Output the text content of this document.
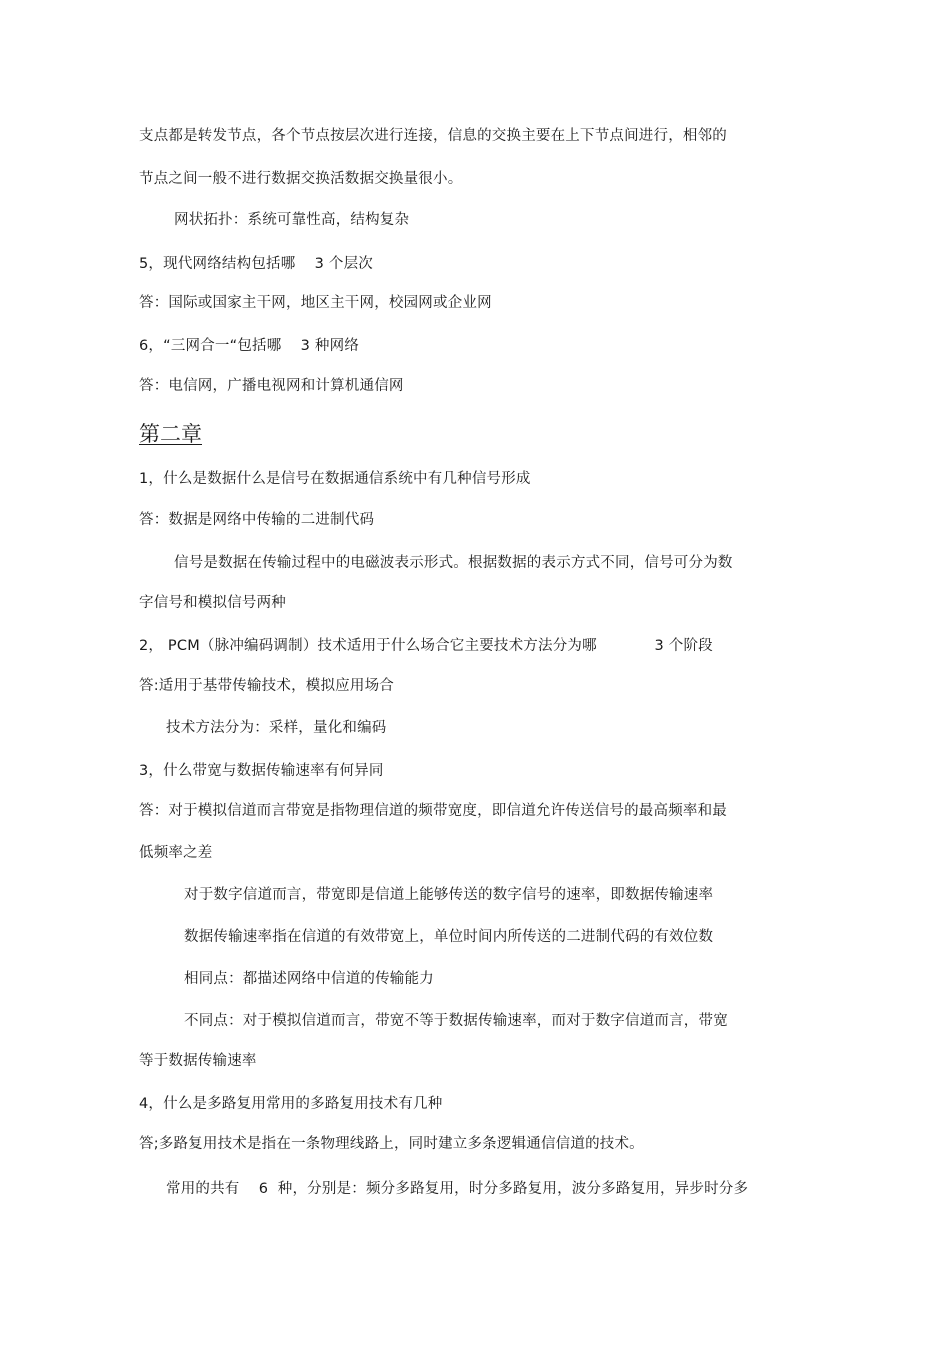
支点都是转发节点，各个节点按层次进行连接，信息的交换主要在上下节点间进行，相邻的
节点之间一般不进行数据交换活数据交换量很小。
网状拓扑：系统可靠性高，结构复杂
5，现代网络结构包括哪    3 个层次
答：国际或国家主干网，地区主干网，校园网或企业网
6，“三网合一“包括哪    3 种网络
答：电信网，广播电视网和计算机通信网
第二章
1，什么是数据什么是信号在数据通信系统中有几种信号形成
答：数据是网络中传输的二进制代码
信号是数据在传输过程中的电磁波表示形式。根据数据的表示方式不同，信号可分为数
字信号和模拟信号两种
2， PCM（脉冲编码调制）技术适用于什么场合它主要技术方法分为哪            3 个阶段
答:适用于基带传输技术，模拟应用场合
技术方法分为：采样，量化和编码
3，什么带宽与数据传输速率有何异同
答：对于模拟信道而言带宽是指物理信道的频带宽度，即信道允许传送信号的最高频率和最
低频率之差
对于数字信道而言，带宽即是信道上能够传送的数字信号的速率，即数据传输速率
数据传输速率指在信道的有效带宽上，单位时间内所传送的二进制代码的有效位数
相同点：都描述网络中信道的传输能力
不同点：对于模拟信道而言，带宽不等于数据传输速率，而对于数字信道而言，带宽
等于数据传输速率
4，什么是多路复用常用的多路复用技术有几种
答;多路复用技术是指在一条物理线路上，同时建立多条逻辑通信信道的技术。
常用的共有    6  种，分别是：频分多路复用，时分多路复用，波分多路复用，异步时分多
